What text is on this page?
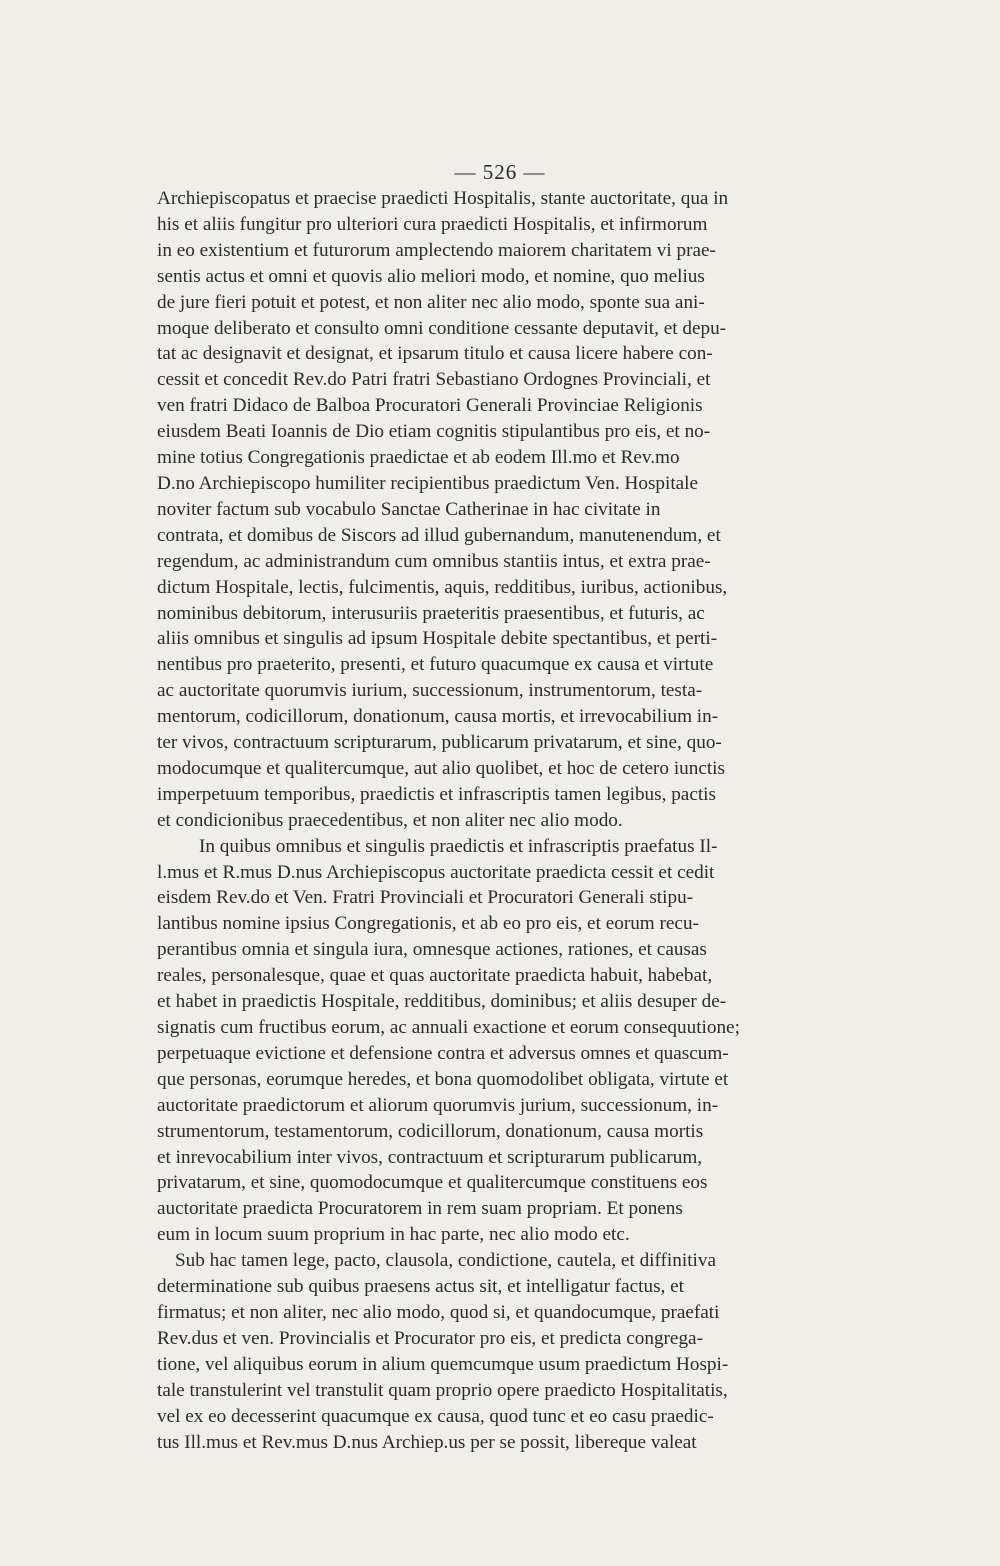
— 526 —
Archiepiscopatus et praecise praedicti Hospitalis, stante auctoritate, qua in
his et aliis fungitur pro ulteriori cura praedicti Hospitalis, et infirmorum
in eo existentium et futurorum amplectendo maiorem charitatem vi prae-
sentis actus et omni et quovis alio meliori modo, et nomine, quo melius
de jure fieri potuit et potest, et non aliter nec alio modo, sponte sua ani-
moque deliberato et consulto omni conditione cessante deputavit, et depu-
tat ac designavit et designat, et ipsarum titulo et causa licere habere con-
cessit et concedit Rev.do Patri fratri Sebastiano Ordognes Provinciali, et
ven fratri Didaco de Balboa Procuratori Generali Provinciae Religionis
eiusdem Beati Ioannis de Dio etiam cognitis stipulantibus pro eis, et no-
mine totius Congregationis praedictae et ab eodem Ill.mo et Rev.mo
D.no Archiepiscopo humiliter recipientibus praedictum Ven. Hospitale
noviter factum sub vocabulo Sanctae Catherinae in hac civitate in
contrata, et domibus de Siscors ad illud gubernandum, manutenendum, et
regendum, ac administrandum cum omnibus stantiis intus, et extra prae-
dictum Hospitale, lectis, fulcimentis, aquis, redditibus, iuribus, actionibus,
nominibus debitorum, interusuriis praeteritis praesentibus, et futuris, ac
aliis omnibus et singulis ad ipsum Hospitale debite spectantibus, et perti-
nentibus pro praeterito, presenti, et futuro quacumque ex causa et virtute
ac auctoritate quorumvis iurium, successionum, instrumentorum, testa-
mentorum, codicillorum, donationum, causa mortis, et irrevocabilium in-
ter vivos, contractuum scripturarum, publicarum privatarum, et sine, quo-
modocumque et qualitercumque, aut alio quolibet, et hoc de cetero iunctis
imperpetuum temporibus, praedictis et infrascriptis tamen legibus, pactis
et condicionibus praecedentibus, et non aliter nec alio modo.
In quibus omnibus et singulis praedictis et infrascriptis praefatus Il-
l.mus et R.mus D.nus Archiepiscopus auctoritate praedicta cessit et cedit
eisdem Rev.do et Ven. Fratri Provinciali et Procuratori Generali stipu-
lantibus nomine ipsius Congregationis, et ab eo pro eis, et eorum recu-
perantibus omnia et singula iura, omnesque actiones, rationes, et causas
reales, personalesque, quae et quas auctoritate praedicta habuit, habebat,
et habet in praedictis Hospitale, redditibus, dominibus; et aliis desuper de-
signatis cum fructibus eorum, ac annuali exactione et eorum consequutione;
perpetuaque evictione et defensione contra et adversus omnes et quascum-
que personas, eorumque heredes, et bona quomodolibet obligata, virtute et
auctoritate praedictorum et aliorum quorumvis jurium, successionum, in-
strumentorum, testamentorum, codicillorum, donationum, causa mortis
et inrevocabilium inter vivos, contractuum et scripturarum publicarum,
privatarum, et sine, quomodocumque et qualitercumque constituens eos
auctoritate praedicta Procuratorem in rem suam propriam. Et ponens
eum in locum suum proprium in hac parte, nec alio modo etc.
Sub hac tamen lege, pacto, clausola, condictione, cautela, et diffinitiva
determinatione sub quibus praesens actus sit, et intelligatur factus, et
firmatus; et non aliter, nec alio modo, quod si, et quandocumque, praefati
Rev.dus et ven. Provincialis et Procurator pro eis, et predicta congrega-
tione, vel aliquibus eorum in alium quemcumque usum praedictum Hospi-
tale transtulerint vel transtulit quam proprio opere praedicto Hospitalitatis,
vel ex eo decesserint quacumque ex causa, quod tunc et eo casu praedic-
tus Ill.mus et Rev.mus D.nus Archiep.us per se possit, libereque valeat
